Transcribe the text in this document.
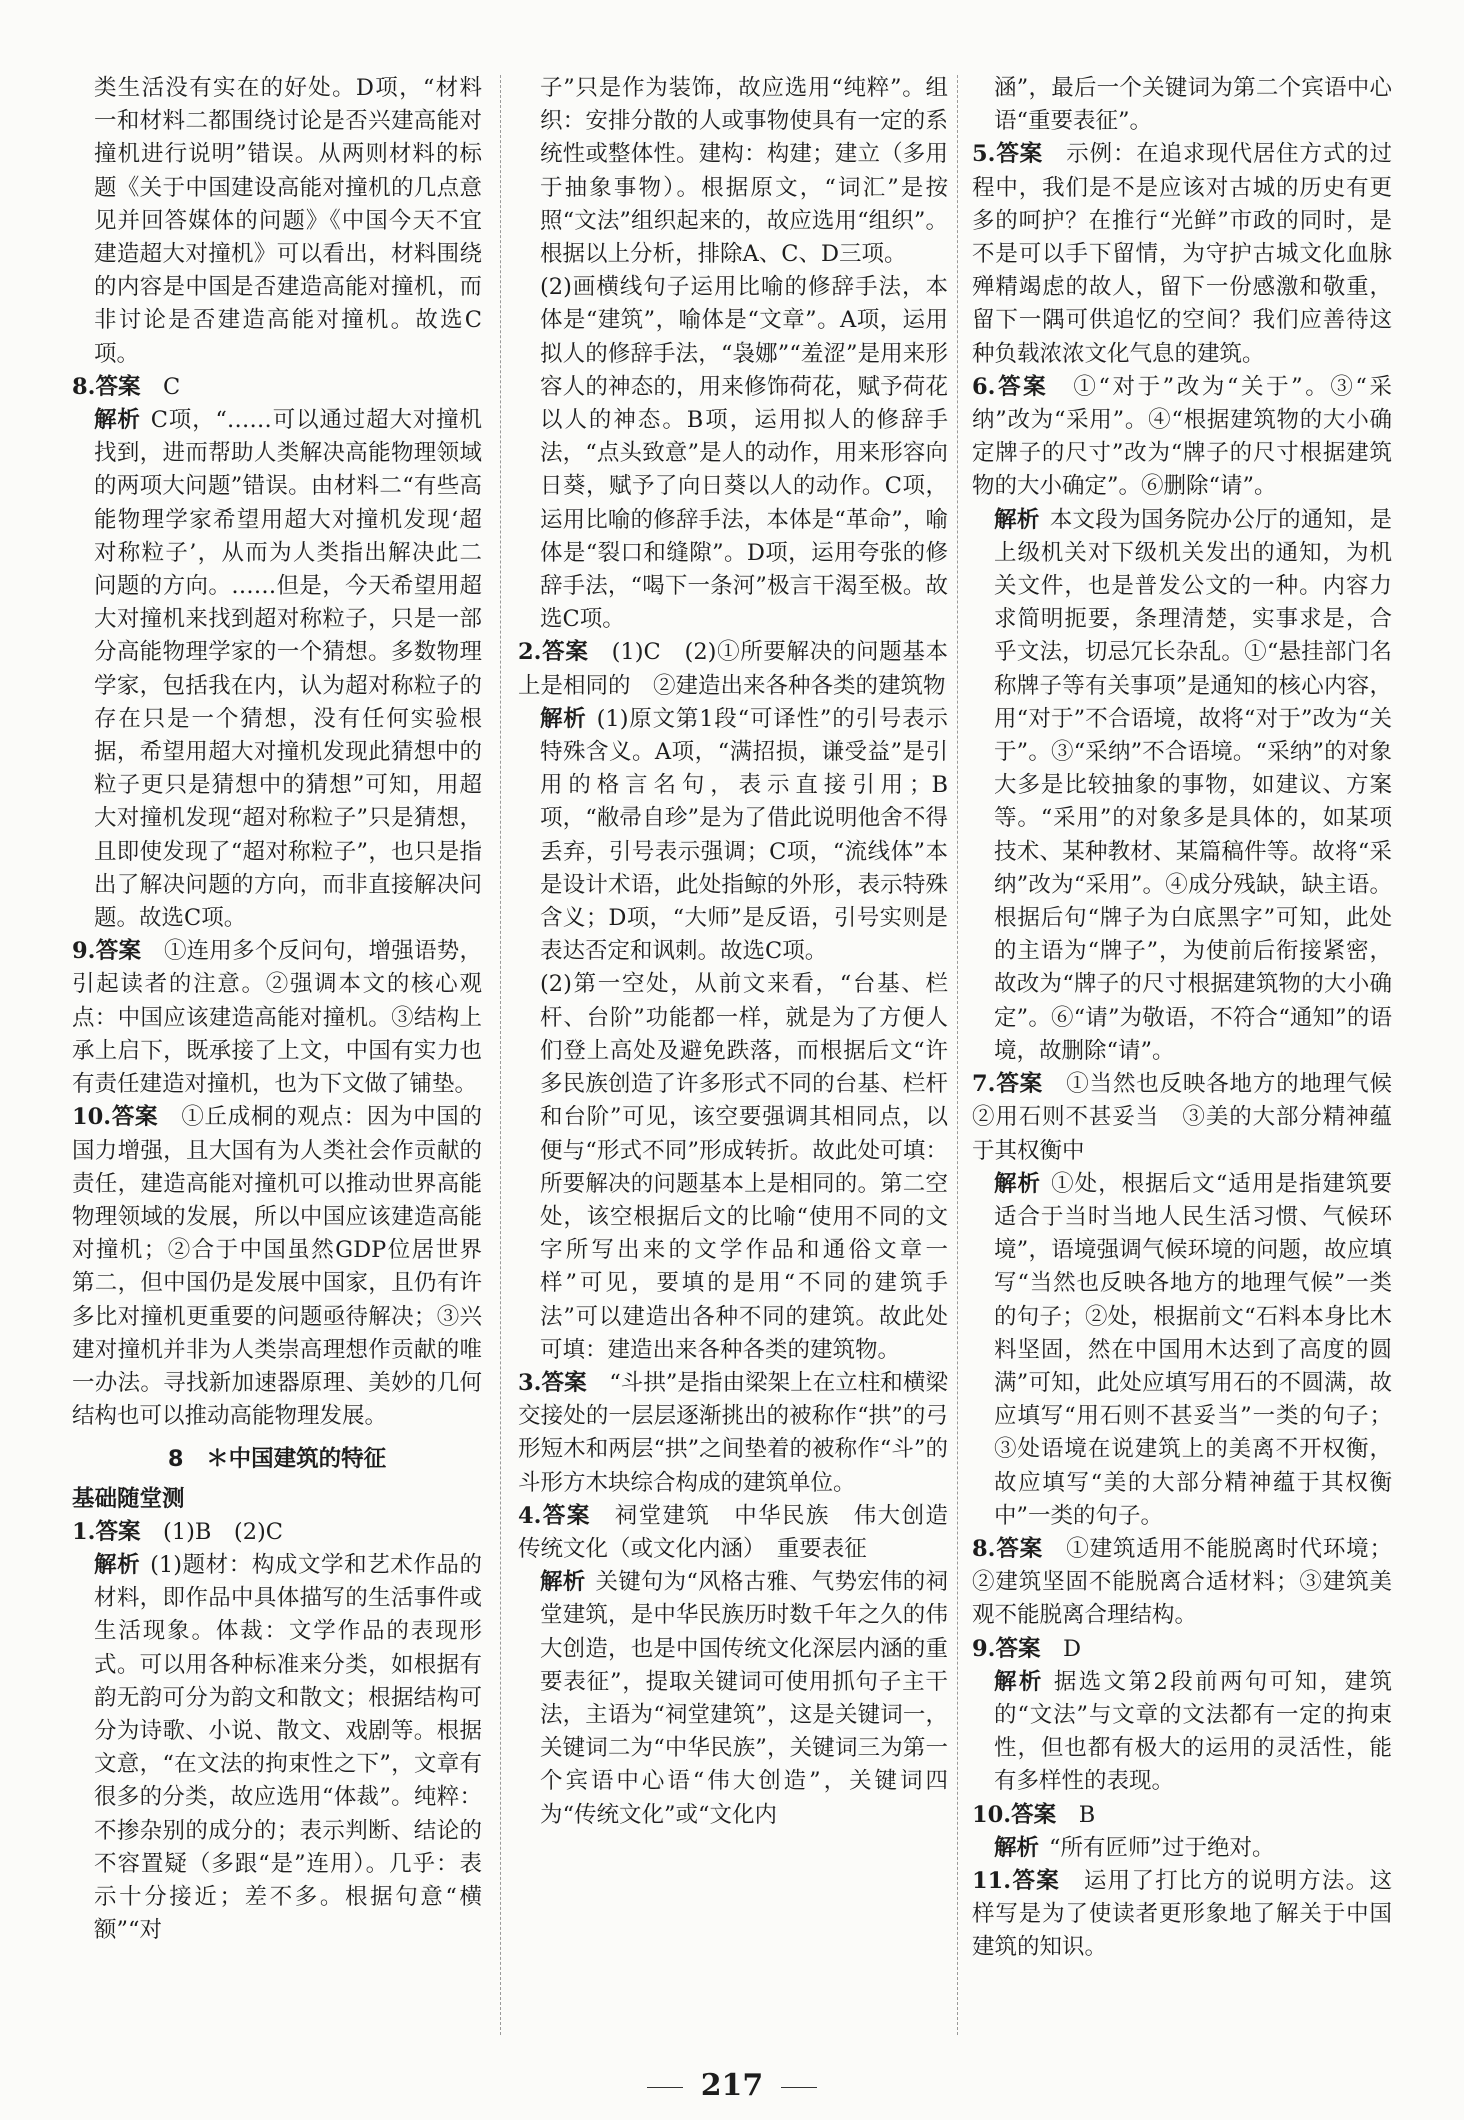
类生活没有实在的好处。D项，“材料一和材料二都围绕讨论是否兴建高能对撞机进行说明”错误。从两则材料的标题《关于中国建设高能对撞机的几点意见并回答媒体的问题》《中国今天不宜建造超大对撞机》可以看出，材料围绕的内容是中国是否建造高能对撞机，而非讨论是否建造高能对撞机。故选C项。
8.答案　 C
解析 C项，“……可以通过超大对撞机找到，进而帮助人类解决高能物理领域的两项大问题”错误。由材料二“有些高能物理学家希望用超大对撞机发现‘超对称粒子’，从而为人类指出解决此二问题的方向。……但是，今天希望用超大对撞机来找到超对称粒子，只是一部分高能物理学家的一个猜想。多数物理学家，包括我在内，认为超对称粒子的存在只是一个猜想，没有任何实验根据，希望用超大对撞机发现此猜想中的粒子更只是猜想中的猜想”可知，用超大对撞机发现“超对称粒子”只是猜想，且即使发现了“超对称粒子”，也只是指出了解决问题的方向，而非直接解决问题。故选C项。
9.答案　 ①连用多个反问句，增强语势，引起读者的注意。②强调本文的核心观点：中国应该建造高能对撞机。③结构上承上启下，既承接了上文，中国有实力也有责任建造对撞机，也为下文做了铺垫。
10.答案　 ①丘成桐的观点：因为中国的国力增强，且大国有为人类社会作贡献的责任，建造高能对撞机可以推动世界高能物理领域的发展，所以中国应该建造高能对撞机；②合于中国虽然GDP位居世界第二，但中国仍是发展中国家，且仍有许多比对撞机更重要的问题亟待解决；③兴建对撞机并非为人类崇高理想作贡献的唯一办法。寻找新加速器原理、美妙的几何结构也可以推动高能物理发展。
8　＊中国建筑的特征
基础随堂测
1.答案　 (1)B　(2)C
解析 (1)题材：构成文学和艺术作品的材料，即作品中具体描写的生活事件或生活现象。体裁：文学作品的表现形式。可以用各种标准来分类，如根据有韵无韵可分为韵文和散文；根据结构可分为诗歌、小说、散文、戏剧等。根据文意，“在文法的拘束性之下”，文章有很多的分类，故应选用“体裁”。纯粹：不掺杂别的成分的；表示判断、结论的不容置疑（多跟“是”连用）。几乎：表示十分接近；差不多。根据句意“横额”“对
子”只是作为装饰，故应选用“纯粹”。组织：安排分散的人或事物使具有一定的系统性或整体性。建构：构建；建立（多用于抽象事物）。根据原文，“词汇”是按照“文法”组织起来的，故应选用“组织”。根据以上分析，排除A、C、D三项。
(2)画横线句子运用比喻的修辞手法，本体是“建筑”，喻体是“文章”。A项，运用拟人的修辞手法，“袅娜”“羞涩”是用来形容人的神态的，用来修饰荷花，赋予荷花以人的神态。B项，运用拟人的修辞手法，“点头致意”是人的动作，用来形容向日葵，赋予了向日葵以人的动作。C项，运用比喻的修辞手法，本体是“革命”，喻体是“裂口和缝隙”。D项，运用夸张的修辞手法，“喝下一条河”极言干渴至极。故选C项。
2.答案　 (1)C　(2)①所要解决的问题基本上是相同的　②建造出来各种各类的建筑物
解析 (1)原文第1段“可译性”的引号表示特殊含义。A项，“满招损，谦受益”是引用的格言名句，表示直接引用；B项，“敝帚自珍”是为了借此说明他舍不得丢弃，引号表示强调；C项，“流线体”本是设计术语，此处指鲸的外形，表示特殊含义；D项，“大师”是反语，引号实则是表达否定和讽刺。故选C项。
(2)第一空处，从前文来看，“台基、栏杆、台阶”功能都一样，就是为了方便人们登上高处及避免跌落，而根据后文“许多民族创造了许多形式不同的台基、栏杆和台阶”可见，该空要强调其相同点，以便与“形式不同”形成转折。故此处可填：所要解决的问题基本上是相同的。第二空处，该空根据后文的比喻“使用不同的文字所写出来的文学作品和通俗文章一样”可见，要填的是用“不同的建筑手法”可以建造出各种不同的建筑。故此处可填：建造出来各种各类的建筑物。
3.答案　 “斗拱”是指由梁架上在立柱和横梁交接处的一层层逐渐挑出的被称作“拱”的弓形短木和两层“拱”之间垫着的被称作“斗”的斗形方木块综合构成的建筑单位。
4.答案　 祠堂建筑　中华民族　伟大创造　传统文化（或文化内涵）　重要表征
解析 关键句为“风格古雅、气势宏伟的祠堂建筑，是中华民族历时数千年之久的伟大创造，也是中国传统文化深层内涵的重要表征”，提取关键词可使用抓句子主干法，主语为“祠堂建筑”，这是关键词一，关键词二为“中华民族”，关键词三为第一个宾语中心语“伟大创造”，关键词四为“传统文化”或“文化内
涵”，最后一个关键词为第二个宾语中心语“重要表征”。
5.答案　 示例：在追求现代居住方式的过程中，我们是不是应该对古城的历史有更多的呵护？在推行“光鲜”市政的同时，是不是可以手下留情，为守护古城文化血脉殚精竭虑的故人，留下一份感激和敬重，留下一隅可供追忆的空间？我们应善待这种负载浓浓文化气息的建筑。
6.答案　 ①“对于”改为“关于”。③“采纳”改为“采用”。④“根据建筑物的大小确定牌子的尺寸”改为“牌子的尺寸根据建筑物的大小确定”。⑥删除“请”。
解析 本文段为国务院办公厅的通知，是上级机关对下级机关发出的通知，为机关文件，也是普发公文的一种。内容力求简明扼要，条理清楚，实事求是，合乎文法，切忌冗长杂乱。①“悬挂部门名称牌子等有关事项”是通知的核心内容，用“对于”不合语境，故将“对于”改为“关于”。③“采纳”不合语境。“采纳”的对象大多是比较抽象的事物，如建议、方案等。“采用”的对象多是具体的，如某项技术、某种教材、某篇稿件等。故将“采纳”改为“采用”。④成分残缺，缺主语。根据后句“牌子为白底黑字”可知，此处的主语为“牌子”，为使前后衔接紧密，故改为“牌子的尺寸根据建筑物的大小确定”。⑥“请”为敬语，不符合“通知”的语境，故删除“请”。
7.答案　 ①当然也反映各地方的地理气候　②用石则不甚妥当　③美的大部分精神蕴于其权衡中
解析 ①处，根据后文“适用是指建筑要适合于当时当地人民生活习惯、气候环境”，语境强调气候环境的问题，故应填写“当然也反映各地方的地理气候”一类的句子；②处，根据前文“石料本身比木料坚固，然在中国用木达到了高度的圆满”可知，此处应填写用石的不圆满，故应填写“用石则不甚妥当”一类的句子；③处语境在说建筑上的美离不开权衡，故应填写“美的大部分精神蕴于其权衡中”一类的句子。
8.答案　 ①建筑适用不能脱离时代环境；②建筑坚固不能脱离合适材料；③建筑美观不能脱离合理结构。
9.答案　 D
解析 据选文第2段前两句可知，建筑的“文法”与文章的文法都有一定的拘束性，但也都有极大的运用的灵活性，能有多样性的表现。
10.答案　 B
解析 “所有匠师”过于绝对。
11.答案　 运用了打比方的说明方法。这样写是为了使读者更形象地了解关于中国建筑的知识。
217
